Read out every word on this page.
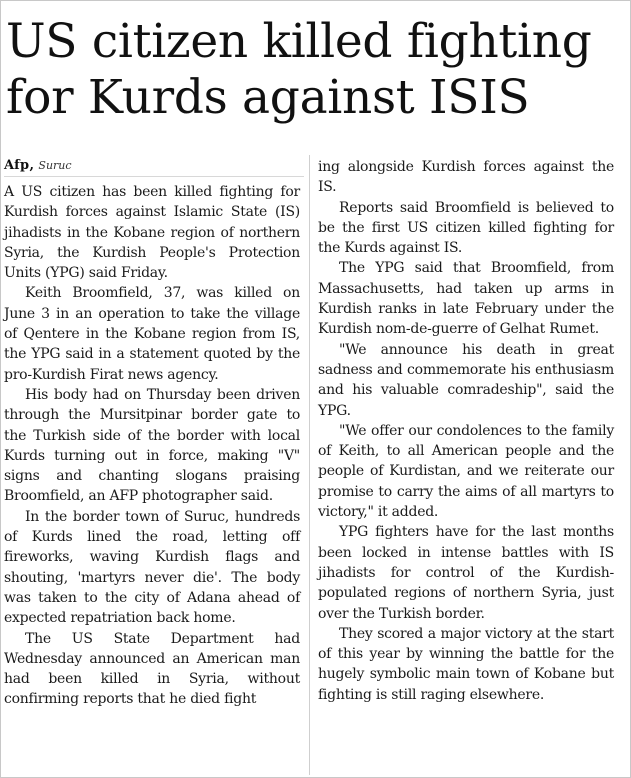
US citizen killed fighting for Kurds against ISIS
Afp, Suruc

A US citizen has been killed fighting for Kurdish forces against Islamic State (IS) jihadists in the Kobane region of northern Syria, the Kurdish People's Protection Units (YPG) said Friday.

Keith Broomfield, 37, was killed on June 3 in an operation to take the village of Qentere in the Kobane region from IS, the YPG said in a statement quoted by the pro-Kurdish Firat news agency.

His body had on Thursday been driven through the Mursitpinar border gate to the Turkish side of the border with local Kurds turning out in force, making "V" signs and chanting slogans praising Broomfield, an AFP photographer said.

In the border town of Suruc, hundreds of Kurds lined the road, letting off fireworks, waving Kurdish flags and shouting, 'martyrs never die'. The body was taken to the city of Adana ahead of expected repatriation back home.

The US State Department had Wednesday announced an American man had been killed in Syria, without confirming reports that he died fight

ing alongside Kurdish forces against the IS.

Reports said Broomfield is believed to be the first US citizen killed fighting for the Kurds against IS.

The YPG said that Broomfield, from Massachusetts, had taken up arms in Kurdish ranks in late February under the Kurdish nom-de-guerre of Gelhat Rumet.

"We announce his death in great sadness and commemorate his enthusiasm and his valuable comradeship", said the YPG.

"We offer our condolences to the family of Keith, to all American people and the people of Kurdistan, and we reiterate our promise to carry the aims of all martyrs to victory," it added.

YPG fighters have for the last months been locked in intense battles with IS jihadists for control of the Kurdish-populated regions of northern Syria, just over the Turkish border.

They scored a major victory at the start of this year by winning the battle for the hugely symbolic main town of Kobane but fighting is still raging elsewhere.
